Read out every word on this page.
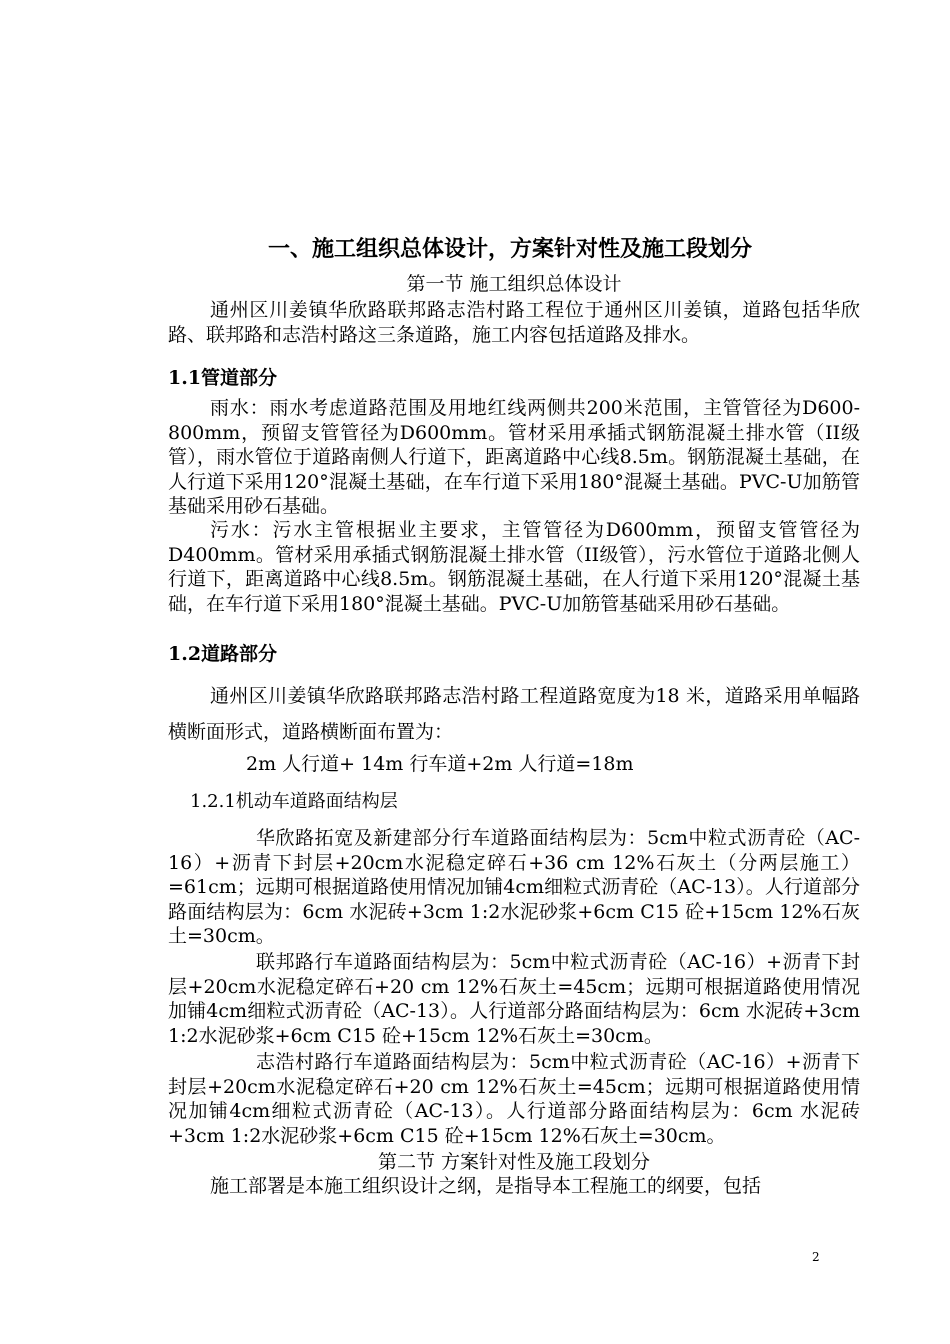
一、施工组织总体设计，方案针对性及施工段划分

第一节 施工组织总体设计

通州区川姜镇华欣路联邦路志浩村路工程位于通州区川姜镇，道路包括华欣路、联邦路和志浩村路这三条道路，施工内容包括道路及排水。

1.1管道部分

雨水：雨水考虑道路范围及用地红线两侧共200米范围，主管管径为D600-800mm，预留支管管径为D600mm。管材采用承插式钢筋混凝土排水管（II级管），雨水管位于道路南侧人行道下，距离道路中心线8.5m。钢筋混凝土基础，在人行道下采用120°混凝土基础，在车行道下采用180°混凝土基础。PVC-U加筋管基础采用砂石基础。

污水：污水主管根据业主要求，主管管径为D600mm，预留支管管径为D400mm。管材采用承插式钢筋混凝土排水管（II级管），污水管位于道路北侧人行道下，距离道路中心线8.5m。钢筋混凝土基础，在人行道下采用120°混凝土基础，在车行道下采用180°混凝土基础。PVC-U加筋管基础采用砂石基础。

1.2道路部分

通州区川姜镇华欣路联邦路志浩村路工程道路宽度为18 米，道路采用单幅路横断面形式，道路横断面布置为：

2m 人行道+ 14m 行车道+2m 人行道=18m

1.2.1机动车道路面结构层

华欣路拓宽及新建部分行车道路面结构层为：5cm中粒式沥青砼（AC-16）+沥青下封层+20cm水泥稳定碎石+36 cm 12%石灰土（分两层施工）=61cm；远期可根据道路使用情况加铺4cm细粒式沥青砼（AC-13）。人行道部分路面结构层为：6cm 水泥砖+3cm 1:2水泥砂浆+6cm C15 砼+15cm 12%石灰土=30cm。

联邦路行车道路面结构层为：5cm中粒式沥青砼（AC-16）+沥青下封层+20cm水泥稳定碎石+20 cm 12%石灰土=45cm；远期可根据道路使用情况加铺4cm细粒式沥青砼（AC-13）。人行道部分路面结构层为：6cm 水泥砖+3cm 1:2水泥砂浆+6cm C15 砼+15cm 12%石灰土=30cm。

志浩村路行车道路面结构层为：5cm中粒式沥青砼（AC-16）+沥青下封层+20cm水泥稳定碎石+20 cm 12%石灰土=45cm；远期可根据道路使用情况加铺4cm细粒式沥青砼（AC-13）。人行道部分路面结构层为：6cm 水泥砖+3cm 1:2水泥砂浆+6cm C15 砼+15cm 12%石灰土=30cm。

第二节 方案针对性及施工段划分

施工部署是本施工组织设计之纲，是指导本工程施工的纲要，包括

2
